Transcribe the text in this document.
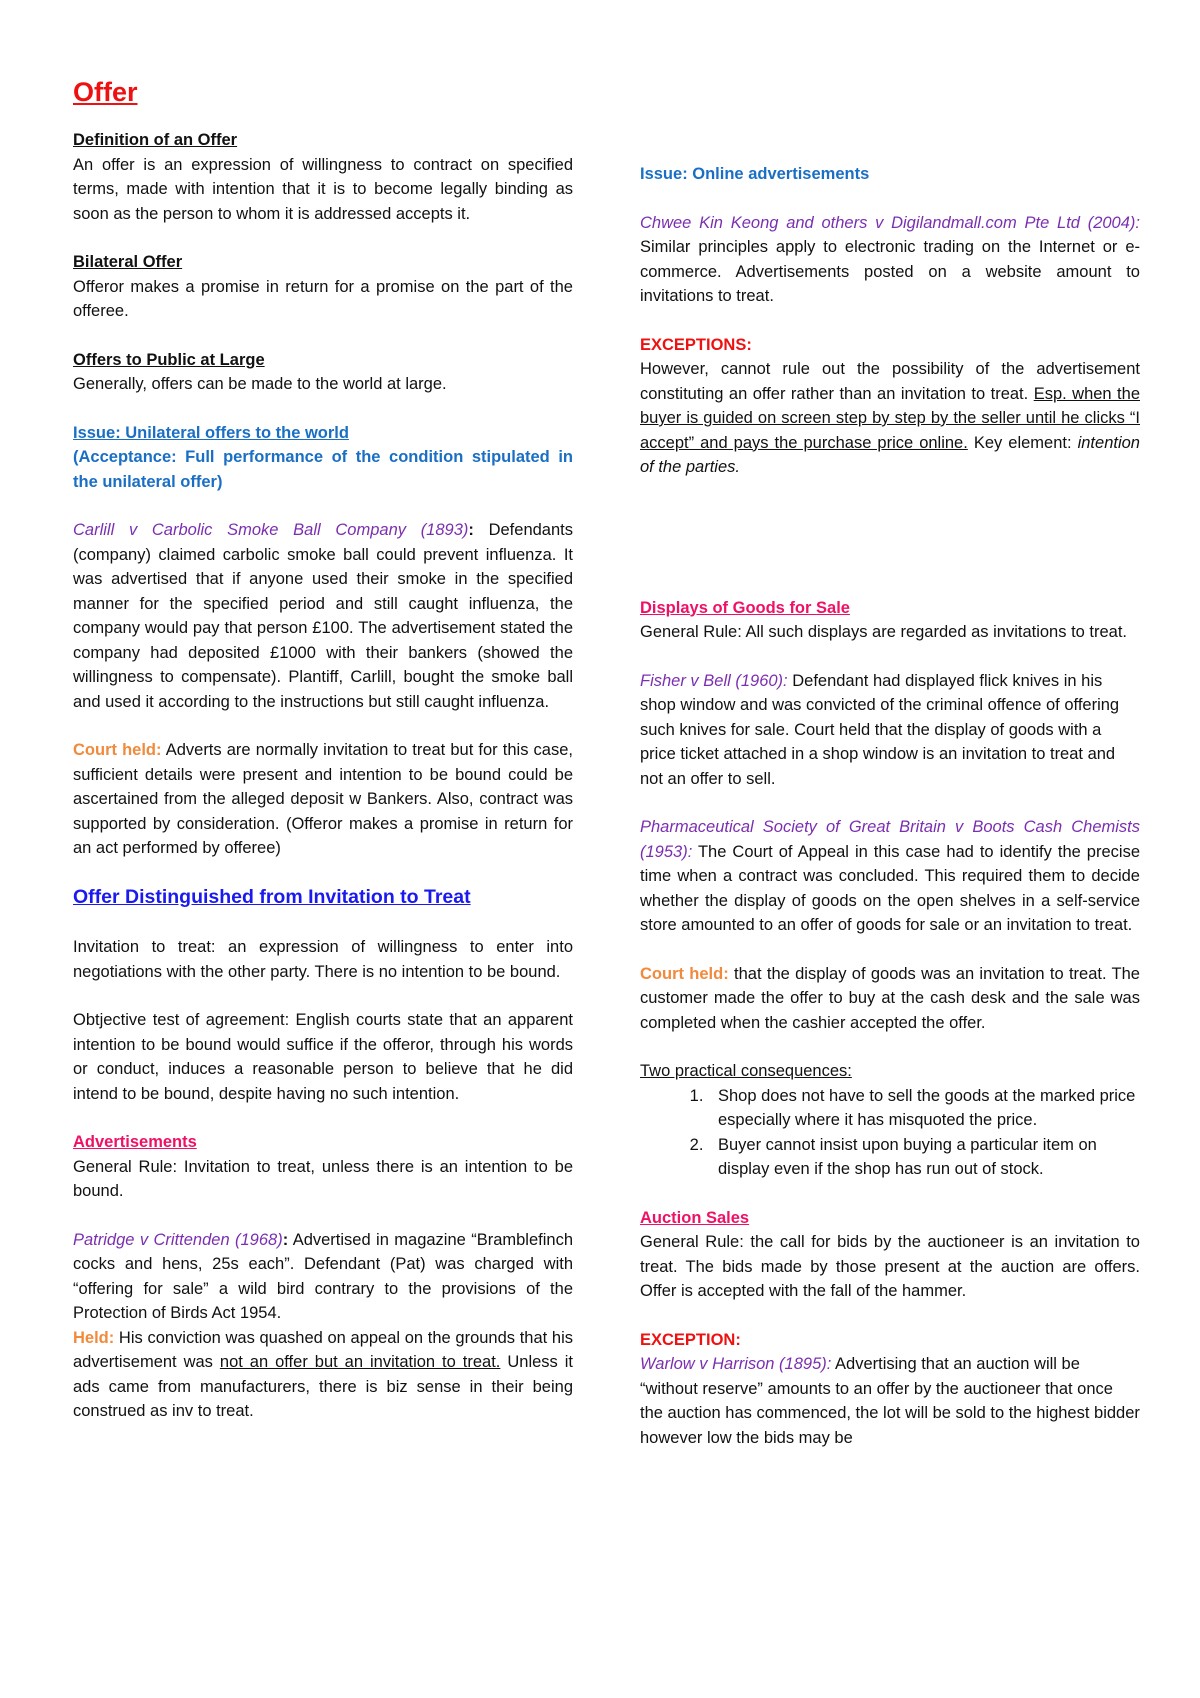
Offer
Definition of an Offer

An offer is an expression of willingness to contract on specified terms, made with intention that it is to become legally binding as soon as the person to whom it is addressed accepts it.

Bilateral Offer

Offeror makes a promise in return for a promise on the part of the offeree.

Offers to Public at Large

Generally, offers can be made to the world at large.

Issue: Unilateral offers to the world

(Acceptance: Full performance of the condition stipulated in the unilateral offer)

Carlill v Carbolic Smoke Ball Company (1893): Defendants (company) claimed carbolic smoke ball could prevent influenza. It was advertised that if anyone used their smoke in the specified manner for the specified period and still caught influenza, the company would pay that person £100. The advertisement stated the company had deposited £1000 with their bankers (showed the willingness to compensate). Plantiff, Carlill, bought the smoke ball and used it according to the instructions but still caught influenza.

Court held: Adverts are normally invitation to treat but for this case, sufficient details were present and intention to be bound could be ascertained from the alleged deposit w Bankers. Also, contract was supported by consideration. (Offeror makes a promise in return for an act performed by offeree)

Offer Distinguished from Invitation to Treat

Invitation to treat: an expression of willingness to enter into negotiations with the other party. There is no intention to be bound.

Obtjective test of agreement: English courts state that an apparent intention to be bound would suffice if the offeror, through his words or conduct, induces a reasonable person to believe that he did intend to be bound, despite having no such intention.

Advertisements

General Rule: Invitation to treat, unless there is an intention to be bound.

Patridge v Crittenden (1968): Advertised in magazine “Bramblefinch cocks and hens, 25s each”. Defendant (Pat) was charged with “offering for sale” a wild bird contrary to the provisions of the Protection of Birds Act 1954.

Held: His conviction was quashed on appeal on the grounds that his advertisement was not an offer but an invitation to treat. Unless it ads came from manufacturers, there is biz sense in their being construed as inv to treat.

Issue: Online advertisements

Chwee Kin Keong and others v Digilandmall.com Pte Ltd (2004): Similar principles apply to electronic trading on the Internet or e-commerce. Advertisements posted on a website amount to invitations to treat.

EXCEPTIONS:

However, cannot rule out the possibility of the advertisement constituting an offer rather than an invitation to treat. Esp. when the buyer is guided on screen step by step by the seller until he clicks “I accept” and pays the purchase price online. Key element: intention of the parties.

Displays of Goods for Sale

General Rule: All such displays are regarded as invitations to treat.

Fisher v Bell (1960): Defendant had displayed flick knives in his shop window and was convicted of the criminal offence of offering such knives for sale. Court held that the display of goods with a price ticket attached in a shop window is an invitation to treat and not an offer to sell.

Pharmaceutical Society of Great Britain v Boots Cash Chemists (1953): The Court of Appeal in this case had to identify the precise time when a contract was concluded. This required them to decide whether the display of goods on the open shelves in a self-service store amounted to an offer of goods for sale or an invitation to treat.

Court held: that the display of goods was an invitation to treat. The customer made the offer to buy at the cash desk and the sale was completed when the cashier accepted the offer.

Two practical consequences:
1. Shop does not have to sell the goods at the marked price especially where it has misquoted the price.
2. Buyer cannot insist upon buying a particular item on display even if the shop has run out of stock.
Auction Sales

General Rule: the call for bids by the auctioneer is an invitation to treat. The bids made by those present at the auction are offers. Offer is accepted with the fall of the hammer.

EXCEPTION:

Warlow v Harrison (1895): Advertising that an auction will be “without reserve” amounts to an offer by the auctioneer that once the auction has commenced, the lot will be sold to the highest bidder however low the bids may be
